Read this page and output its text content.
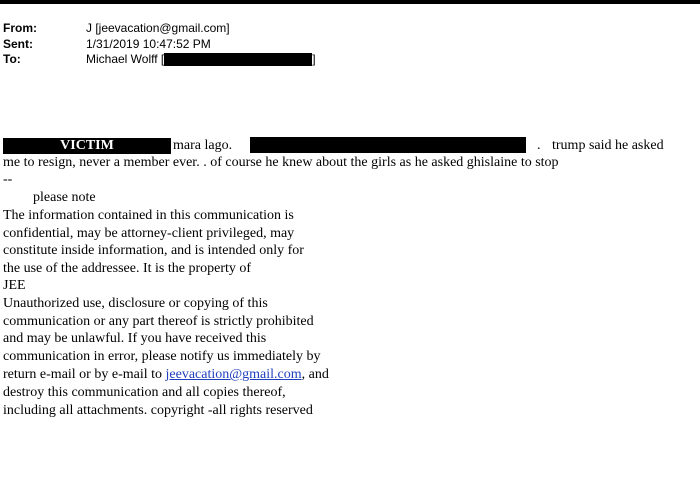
From:	J [jeevacation@gmail.com]
Sent:	1/31/2019 10:47:52 PM
To:	Michael Wolff [	]
VICTIM	mara lago.	. trump said he asked
me to resign, never a member ever. . of course he knew about the girls as he asked ghislaine to stop
--
please note
The information contained in this communication is
confidential, may be attorney-client privileged, may
constitute inside information, and is intended only for
the use of the addressee. It is the property of
JEE
Unauthorized use, disclosure or copying of this
communication or any part thereof is strictly prohibited
and may be unlawful. If you have received this
communication in error, please notify us immediately by
return e-mail or by e-mail to jeevacation@gmail.com, and
destroy this communication and all copies thereof,
including all attachments. copyright -all rights reserved
